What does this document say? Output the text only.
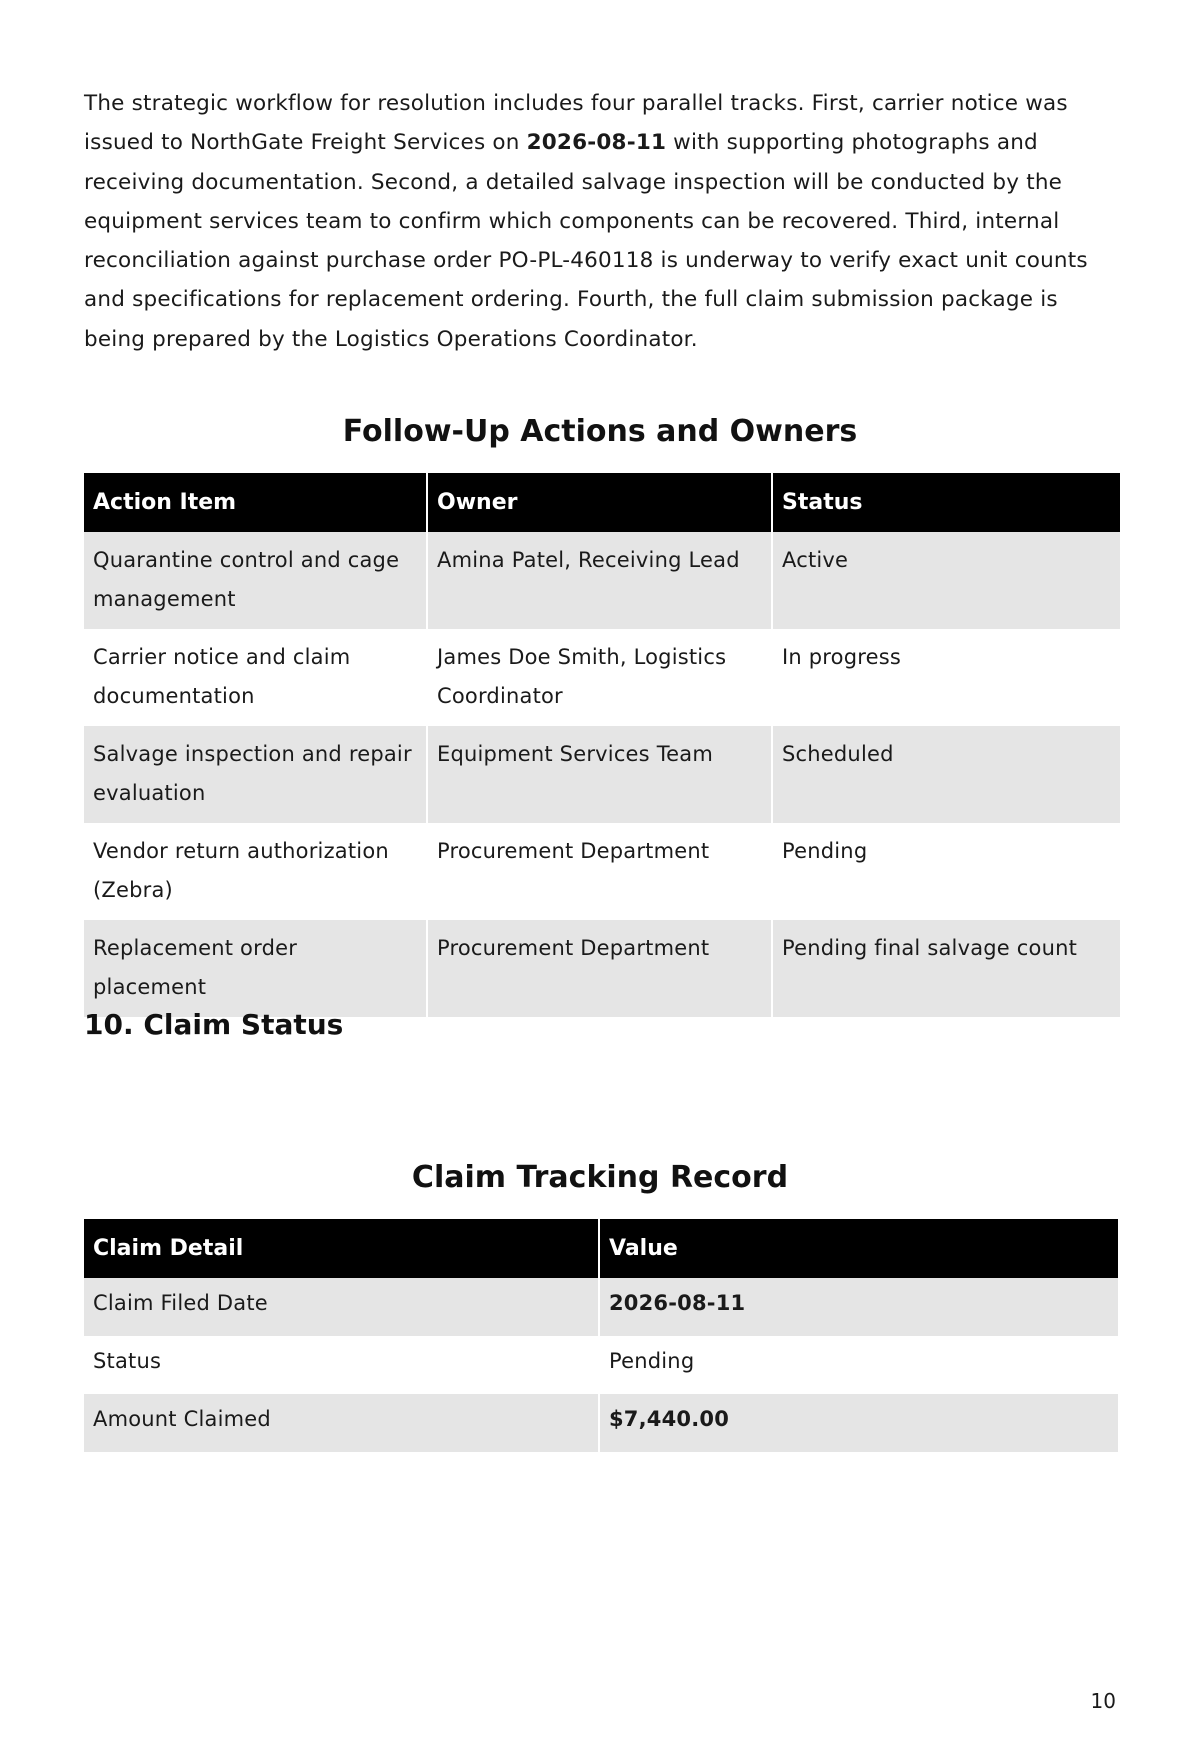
The strategic workflow for resolution includes four parallel tracks. First, carrier notice was issued to NorthGate Freight Services on 2026-08-11 with supporting photographs and receiving documentation. Second, a detailed salvage inspection will be conducted by the equipment services team to confirm which components can be recovered. Third, internal reconciliation against purchase order PO-PL-460118 is underway to verify exact unit counts and specifications for replacement ordering. Fourth, the full claim submission package is being prepared by the Logistics Operations Coordinator.

Follow-Up Actions and Owners
Action Item	Owner	Status
Quarantine control and cage management	Amina Patel, Receiving Lead	Active
Carrier notice and claim documentation	James Doe Smith, Logistics Coordinator	In progress
Salvage inspection and repair evaluation	Equipment Services Team	Scheduled
Vendor return authorization (Zebra)	Procurement Department	Pending
Replacement order placement	Procurement Department	Pending final salvage count
10. Claim Status
Claim Tracking Record
Claim Detail	Value
Claim Filed Date	2026-08-11
Status	Pending
Amount Claimed	$7,440.00
10
